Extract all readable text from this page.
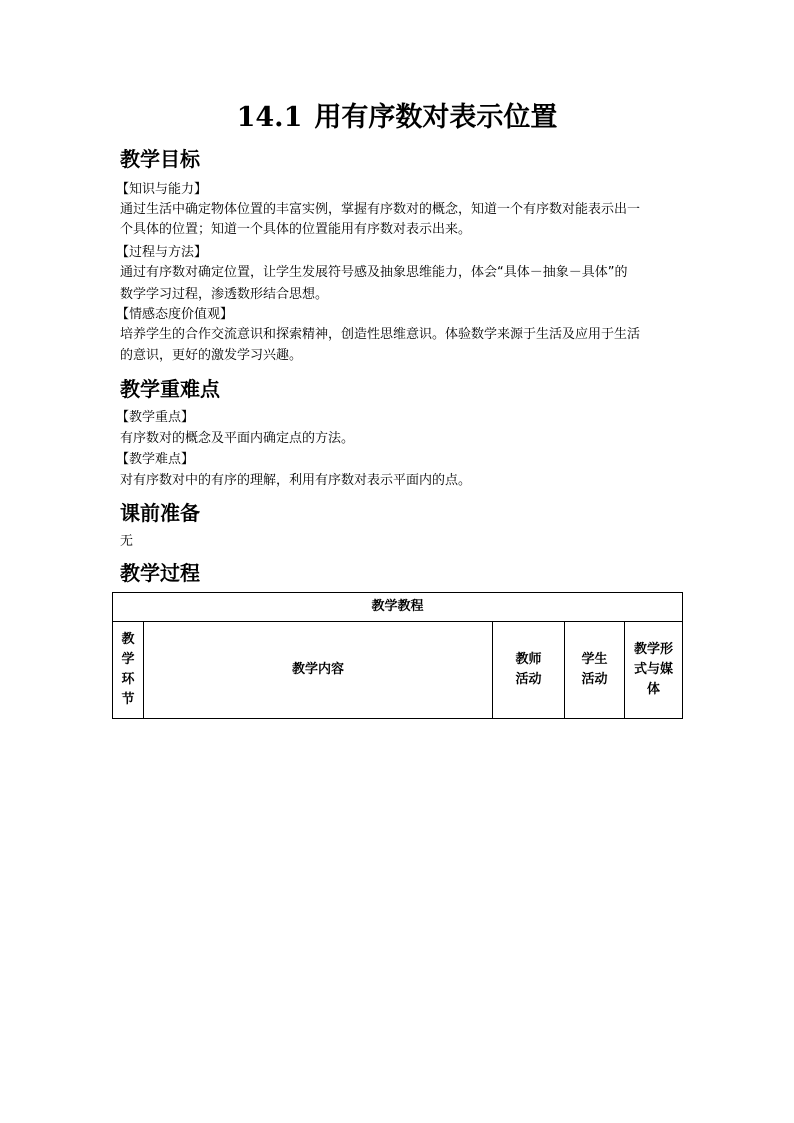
14.1 用有序数对表示位置
教学目标
【知识与能力】
通过生活中确定物体位置的丰富实例，掌握有序数对的概念，知道一个有序数对能表示出一
个具体的位置；知道一个具体的位置能用有序数对表示出来。
【过程与方法】
通过有序数对确定位置，让学生发展符号感及抽象思维能力，体会“具体－抽象－具体”的
数学学习过程，渗透数形结合思想。
【情感态度价值观】
培养学生的合作交流意识和探索精神，创造性思维意识。体验数学来源于生活及应用于生活
的意识，更好的激发学习兴趣。
教学重难点
【教学重点】
有序数对的概念及平面内确定点的方法。
【教学难点】
对有序数对中的有序的理解，利用有序数对表示平面内的点。
课前准备
无
教学过程
教学教程
教学环节	教学内容	教师活动	学生活动	教学形式与媒体
